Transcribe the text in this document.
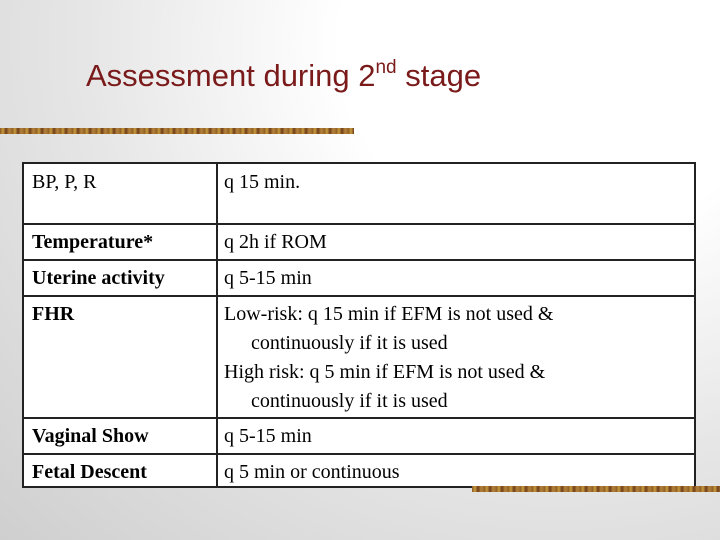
Assessment during 2nd stage
BP, P, R	q 15 min.
Temperature*	q 2h if ROM
Uterine activity	q 5-15 min
FHR	Low-risk: q 15 min if EFM is not used &
continuously if it is used
High risk: q 5 min if EFM is not used &
continuously if it is used
Vaginal Show	q 5-15 min
Fetal Descent	q 5 min or continuous
